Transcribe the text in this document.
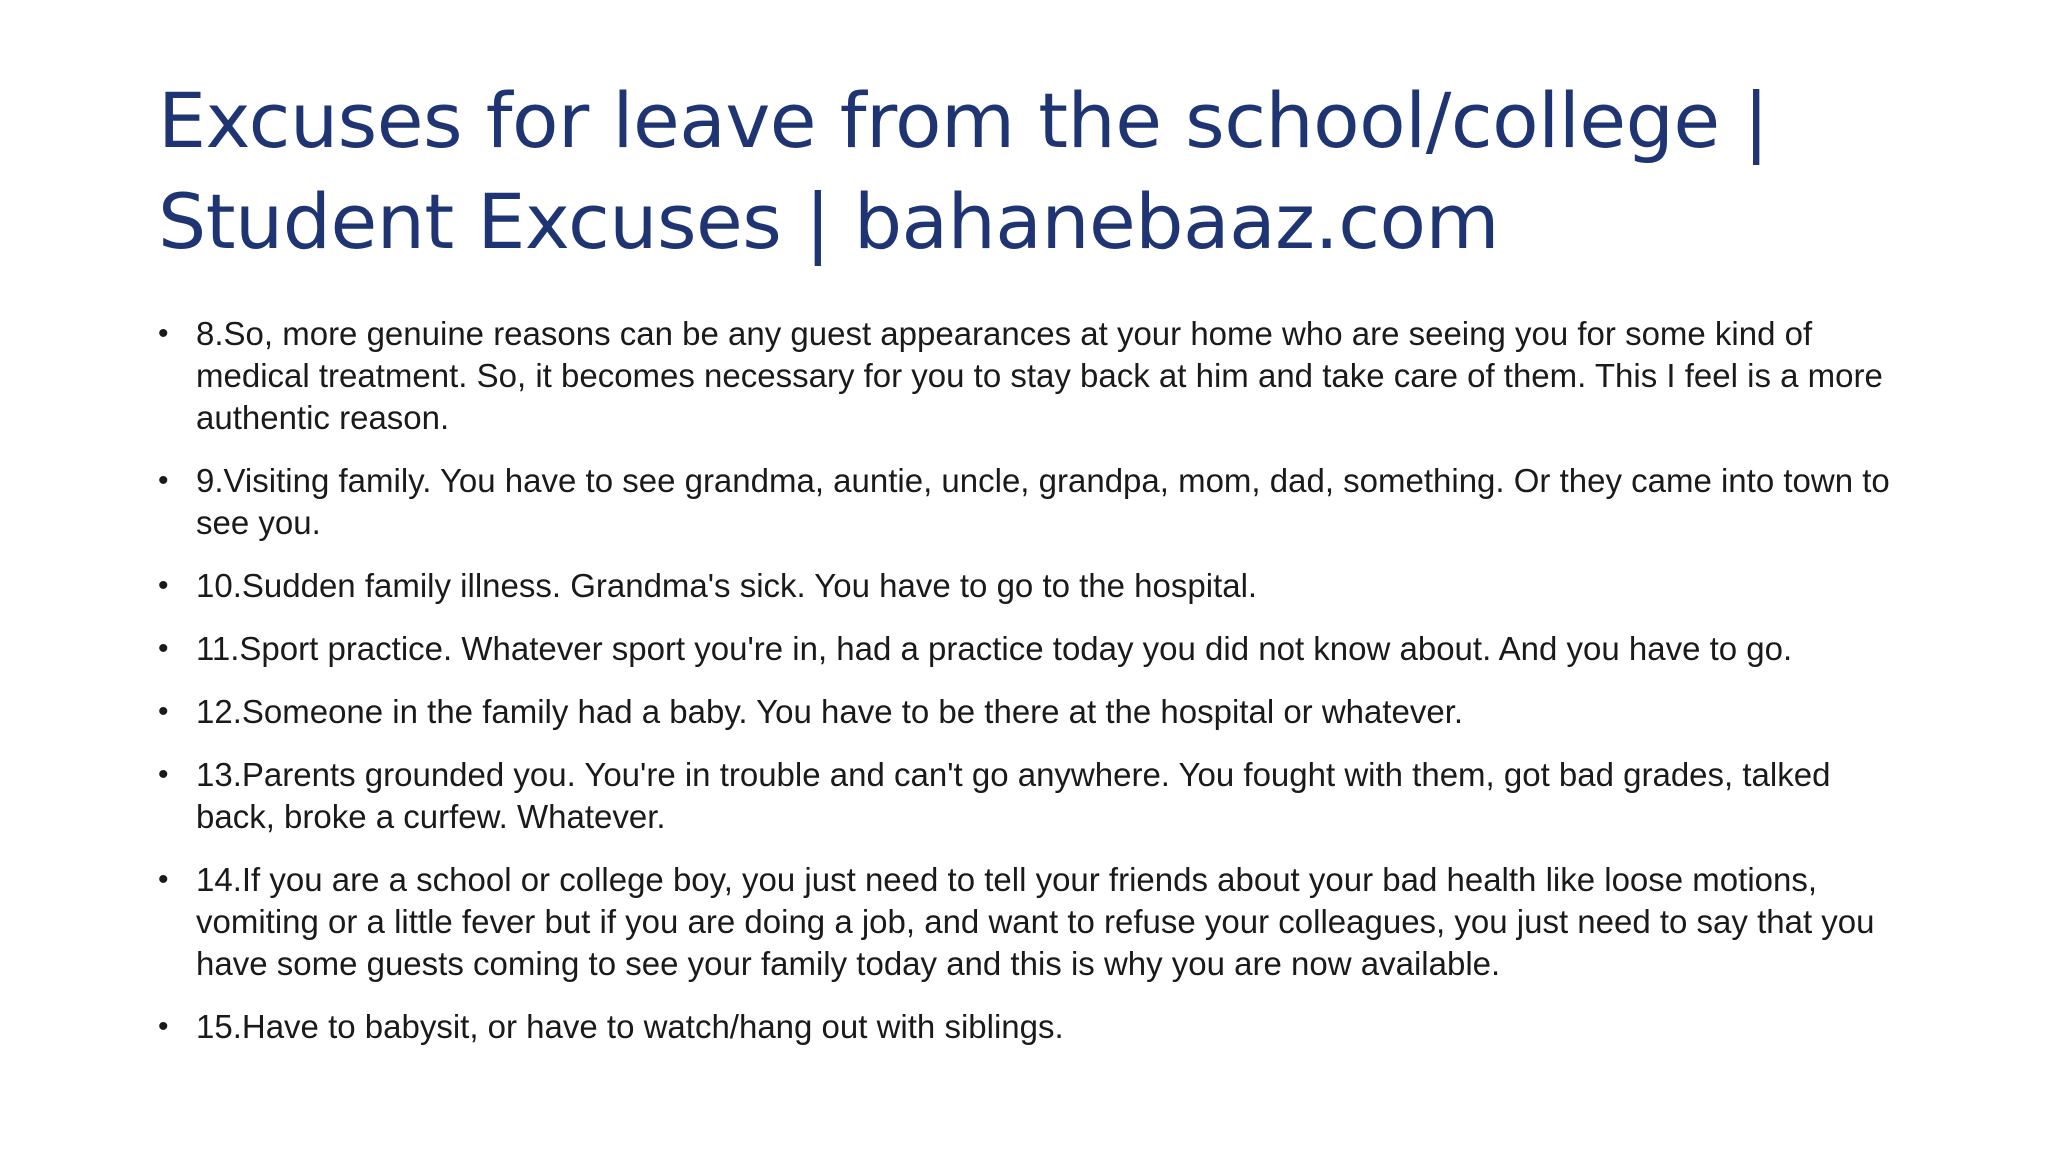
Excuses for leave from the school/college |
Student Excuses | bahanebaaz.com
• 8.So, more genuine reasons can be any guest appearances at your home who are seeing you for some kind of medical treatment. So, it becomes necessary for you to stay back at him and take care of them. This I feel is a more authentic reason.
• 9.Visiting family. You have to see grandma, auntie, uncle, grandpa, mom, dad, something. Or they came into town to see you.
• 10.Sudden family illness. Grandma's sick. You have to go to the hospital.
• 11.Sport practice. Whatever sport you're in, had a practice today you did not know about. And you have to go.
• 12.Someone in the family had a baby. You have to be there at the hospital or whatever.
• 13.Parents grounded you. You're in trouble and can't go anywhere. You fought with them, got bad grades, talked back, broke a curfew. Whatever.
• 14.If you are a school or college boy, you just need to tell your friends about your bad health like loose motions, vomiting or a little fever but if you are doing a job, and want to refuse your colleagues, you just need to say that you have some guests coming to see your family today and this is why you are now available.
• 15.Have to babysit, or have to watch/hang out with siblings.
